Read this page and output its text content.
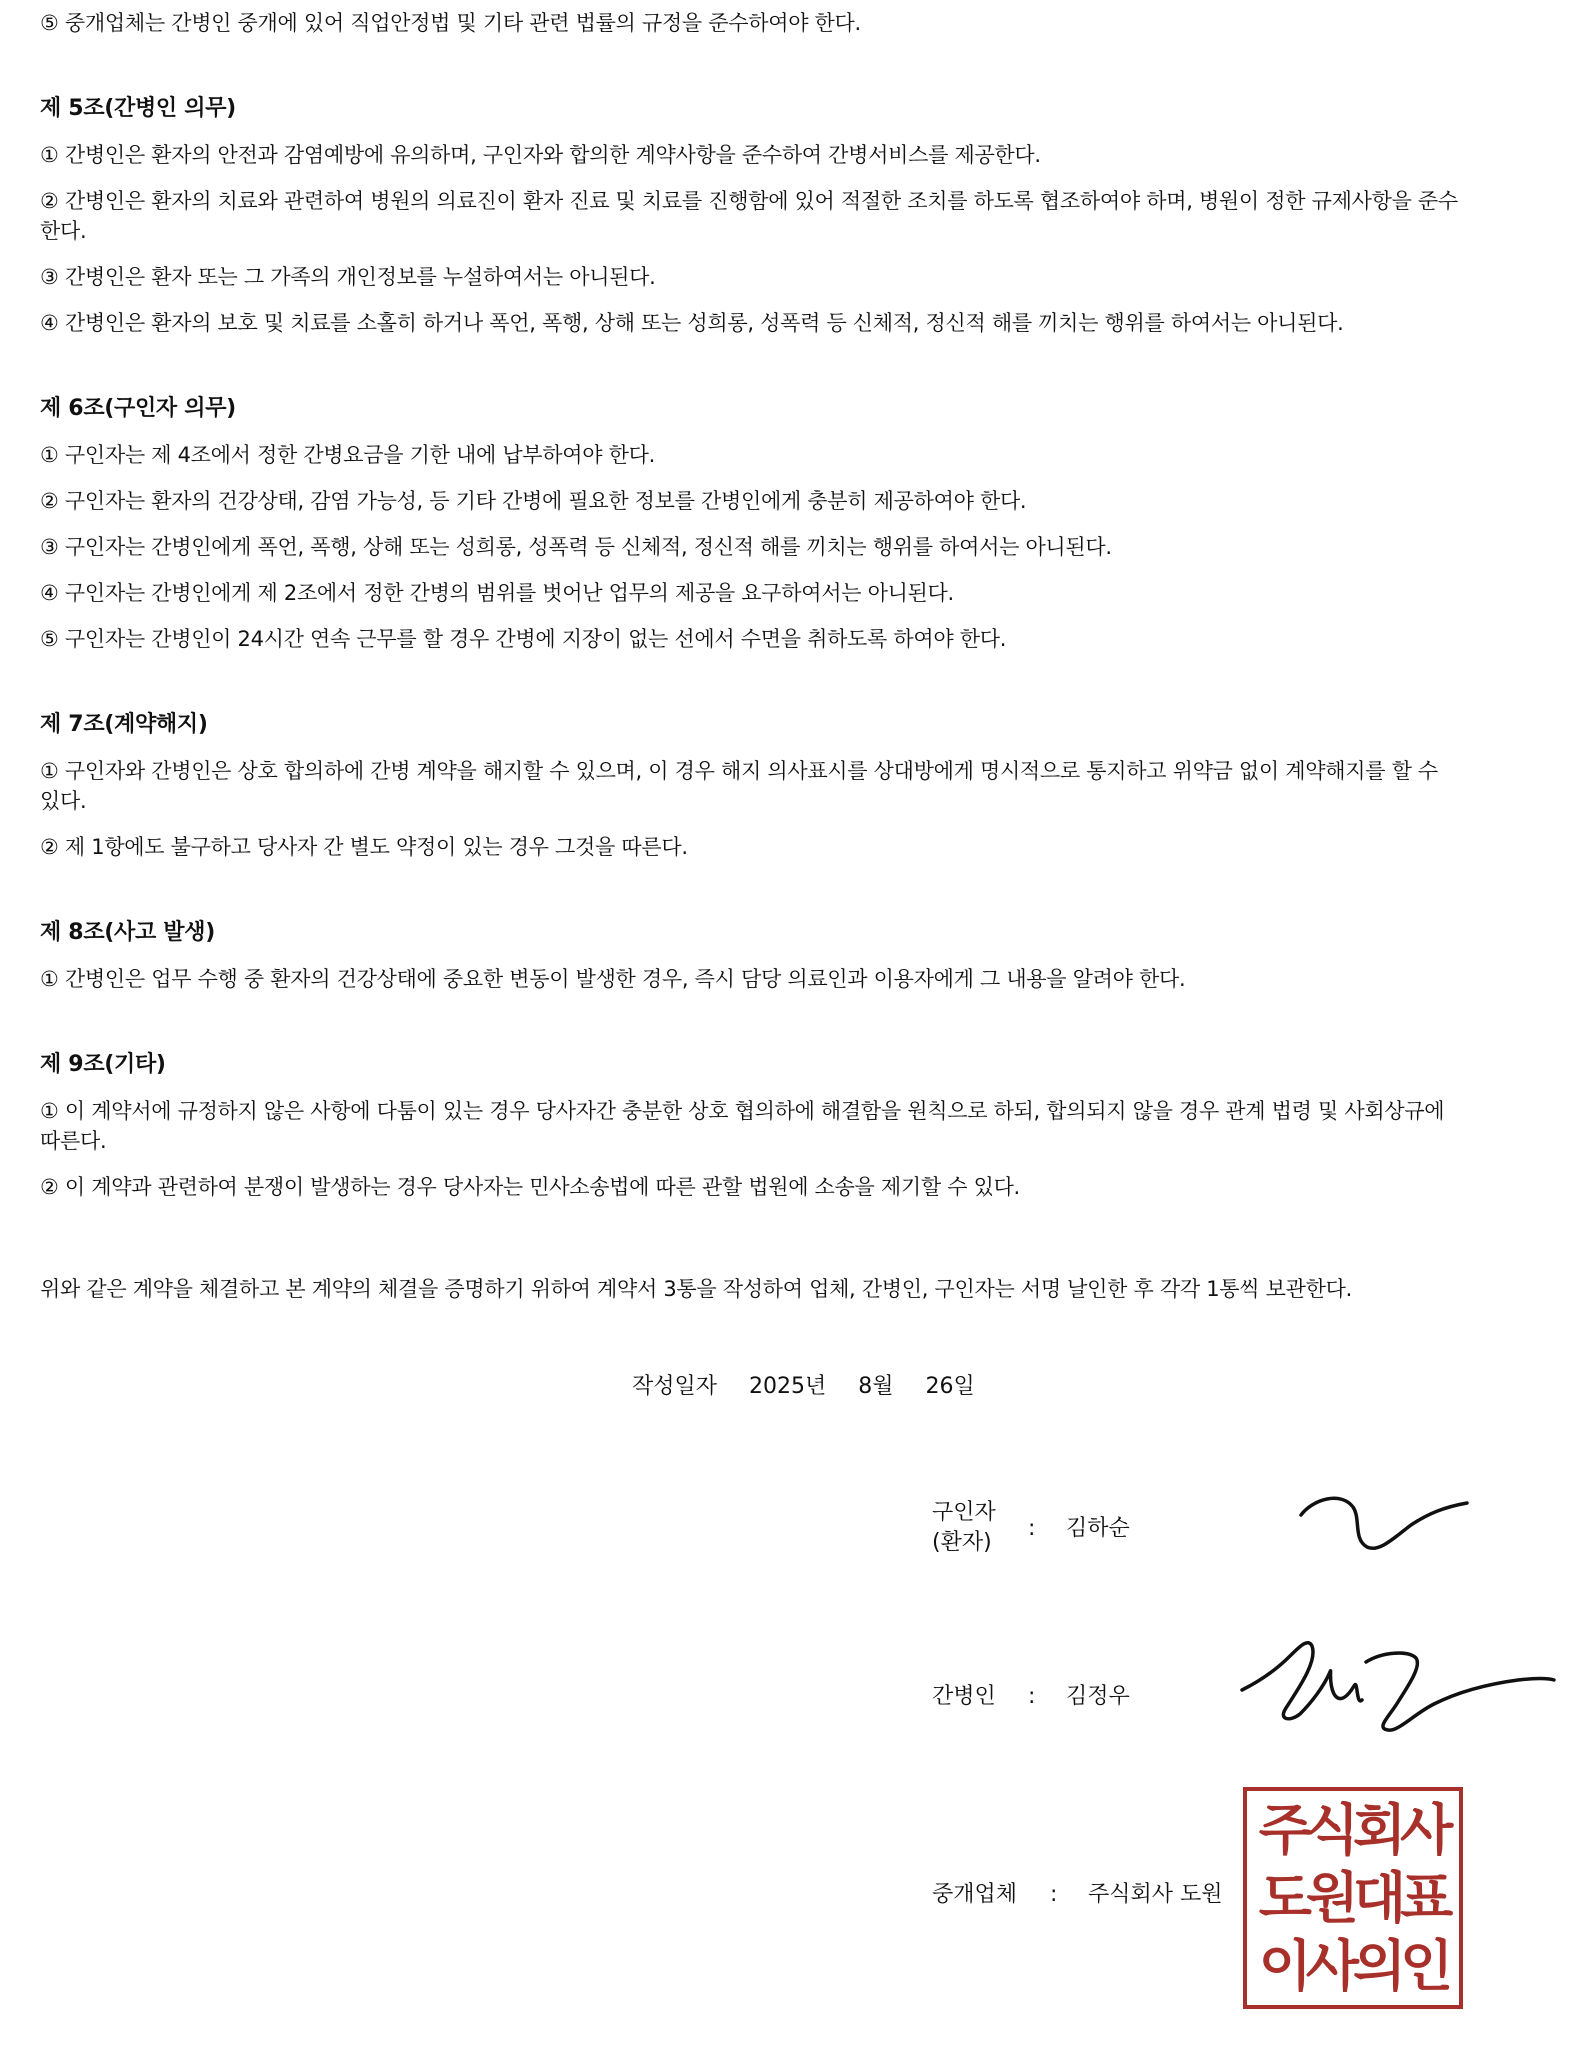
⑤ 중개업체는 간병인 중개에 있어 직업안정법 및 기타 관련 법률의 규정을 준수하여야 한다.

제 5조(간병인 의무)

① 간병인은 환자의 안전과 감염예방에 유의하며, 구인자와 합의한 계약사항을 준수하여 간병서비스를 제공한다.

② 간병인은 환자의 치료와 관련하여 병원의 의료진이 환자 진료 및 치료를 진행함에 있어 적절한 조치를 하도록 협조하여야 하며, 병원이 정한 규제사항을 준수

한다.

③ 간병인은 환자 또는 그 가족의 개인정보를 누설하여서는 아니된다.

④ 간병인은 환자의 보호 및 치료를 소홀히 하거나 폭언, 폭행, 상해 또는 성희롱, 성폭력 등 신체적, 정신적 해를 끼치는 행위를 하여서는 아니된다.

제 6조(구인자 의무)

① 구인자는 제 4조에서 정한 간병요금을 기한 내에 납부하여야 한다.

② 구인자는 환자의 건강상태, 감염 가능성, 등 기타 간병에 필요한 정보를 간병인에게 충분히 제공하여야 한다.

③ 구인자는 간병인에게 폭언, 폭행, 상해 또는 성희롱, 성폭력 등 신체적, 정신적 해를 끼치는 행위를 하여서는 아니된다.

④ 구인자는 간병인에게 제 2조에서 정한 간병의 범위를 벗어난 업무의 제공을 요구하여서는 아니된다.

⑤ 구인자는 간병인이 24시간 연속 근무를 할 경우 간병에 지장이 없는 선에서 수면을 취하도록 하여야 한다.

제 7조(계약해지)

① 구인자와 간병인은 상호 합의하에 간병 계약을 해지할 수 있으며, 이 경우 해지 의사표시를 상대방에게 명시적으로 통지하고 위약금 없이 계약해지를 할 수

있다.

② 제 1항에도 불구하고 당사자 간 별도 약정이 있는 경우 그것을 따른다.

제 8조(사고 발생)

① 간병인은 업무 수행 중 환자의 건강상태에 중요한 변동이 발생한 경우, 즉시 담당 의료인과 이용자에게 그 내용을 알려야 한다.

제 9조(기타)

① 이 계약서에 규정하지 않은 사항에 다툼이 있는 경우 당사자간 충분한 상호 협의하에 해결함을 원칙으로 하되, 합의되지 않을 경우 관계 법령 및 사회상규에

따른다.

② 이 계약과 관련하여 분쟁이 발생하는 경우 당사자는 민사소송법에 따른 관할 법원에 소송을 제기할 수 있다.

위와 같은 계약을 체결하고 본 계약의 체결을 증명하기 위하여 계약서 3통을 작성하여 업체, 간병인, 구인자는 서명 날인한 후 각각 1통씩 보관한다.

작성일자 2025년 8월 26일
구인자
(환자)
: 김하순
간병인 : 김정우
중개업체 : 주식회사 도원
주식회사
도원대표
이사의인
